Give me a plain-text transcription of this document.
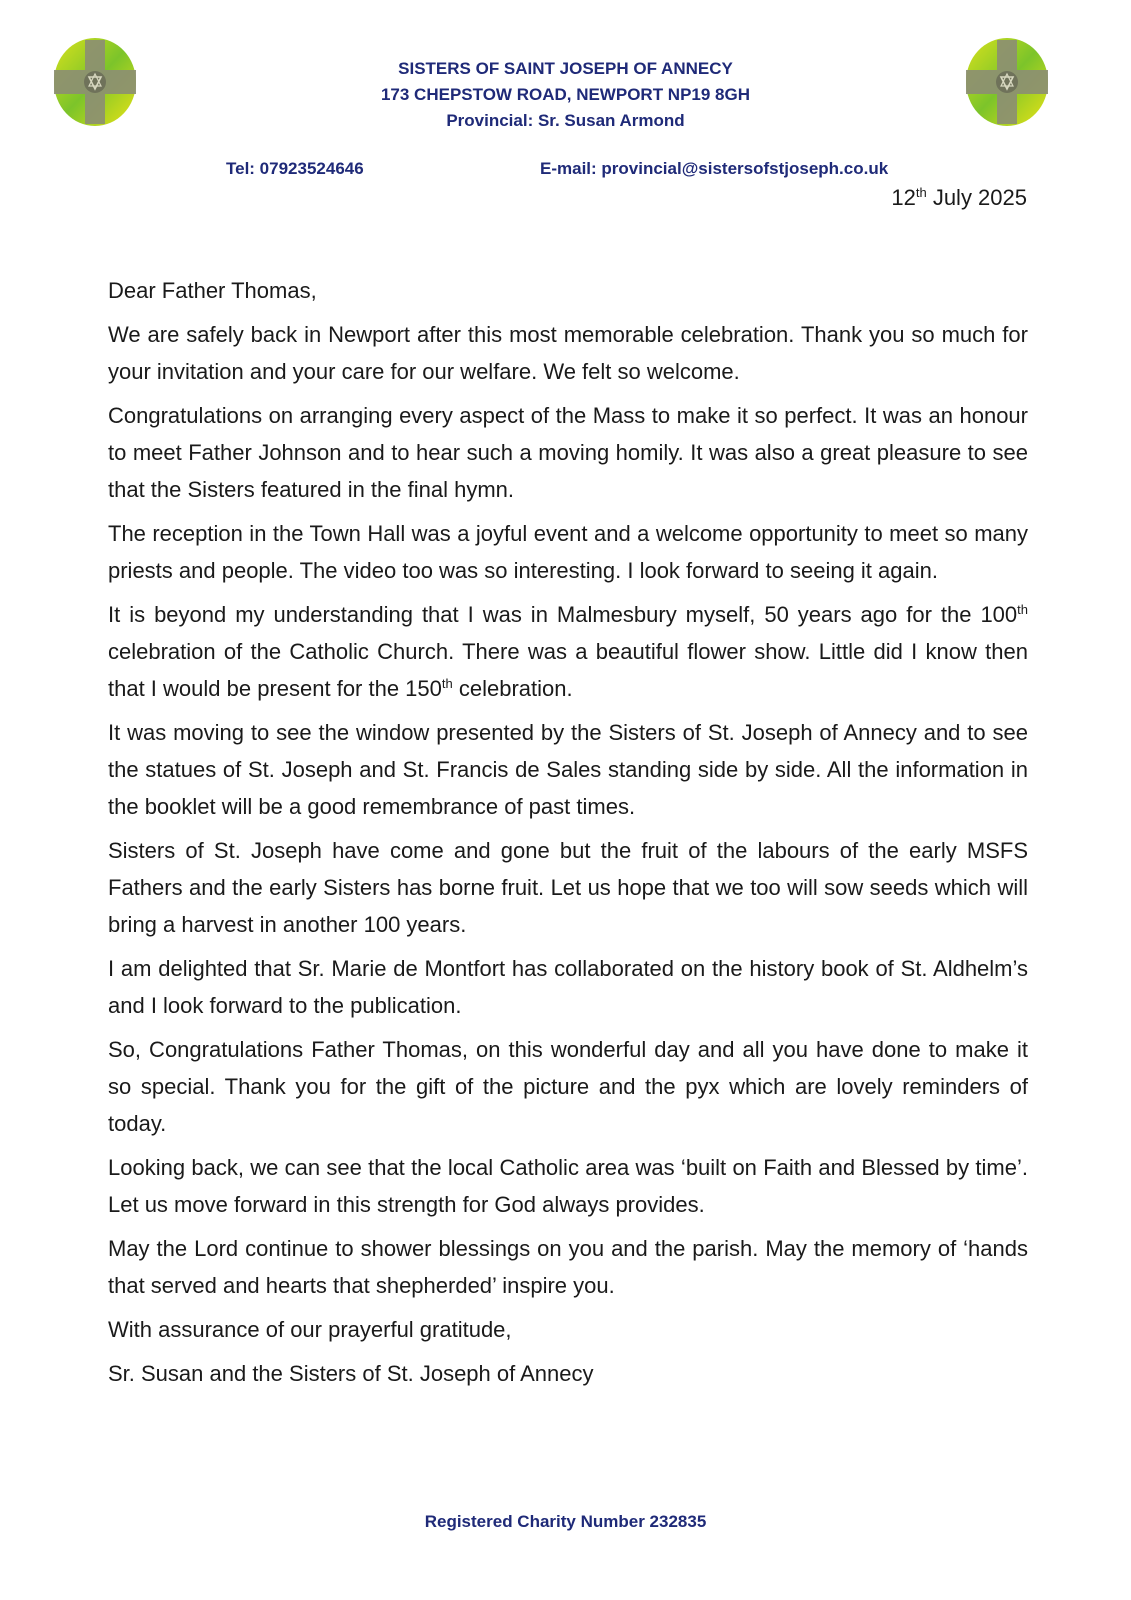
SISTERS OF SAINT JOSEPH OF ANNECY
173 CHEPSTOW ROAD, NEWPORT NP19 8GH
Provincial: Sr. Susan Armond
Tel: 07923524646	E-mail: provincial@sistersofstjoseph.co.uk
12th July 2025

Dear Father Thomas,

We are safely back in Newport after this most memorable celebration. Thank you so much for your invitation and your care for our welfare. We felt so welcome.

Congratulations on arranging every aspect of the Mass to make it so perfect. It was an honour to meet Father Johnson and to hear such a moving homily. It was also a great pleasure to see that the Sisters featured in the final hymn.

The reception in the Town Hall was a joyful event and a welcome opportunity to meet so many priests and people. The video too was so interesting. I look forward to seeing it again.

It is beyond my understanding that I was in Malmesbury myself, 50 years ago for the 100th celebration of the Catholic Church. There was a beautiful flower show. Little did I know then that I would be present for the 150th celebration.

It was moving to see the window presented by the Sisters of St. Joseph of Annecy and to see the statues of St. Joseph and St. Francis de Sales standing side by side. All the information in the booklet will be a good remembrance of past times.

Sisters of St. Joseph have come and gone but the fruit of the labours of the early MSFS Fathers and the early Sisters has borne fruit. Let us hope that we too will sow seeds which will bring a harvest in another 100 years.

I am delighted that Sr. Marie de Montfort has collaborated on the history book of St. Aldhelm’s and I look forward to the publication.

So, Congratulations Father Thomas, on this wonderful day and all you have done to make it so special. Thank you for the gift of the picture and the pyx which are lovely reminders of today.

Looking back, we can see that the local Catholic area was ‘built on Faith and Blessed by time’. Let us move forward in this strength for God always provides.

May the Lord continue to shower blessings on you and the parish. May the memory of ‘hands that served and hearts that shepherded’ inspire you.

With assurance of our prayerful gratitude,

Sr. Susan and the Sisters of St. Joseph of Annecy

Registered Charity Number 232835
